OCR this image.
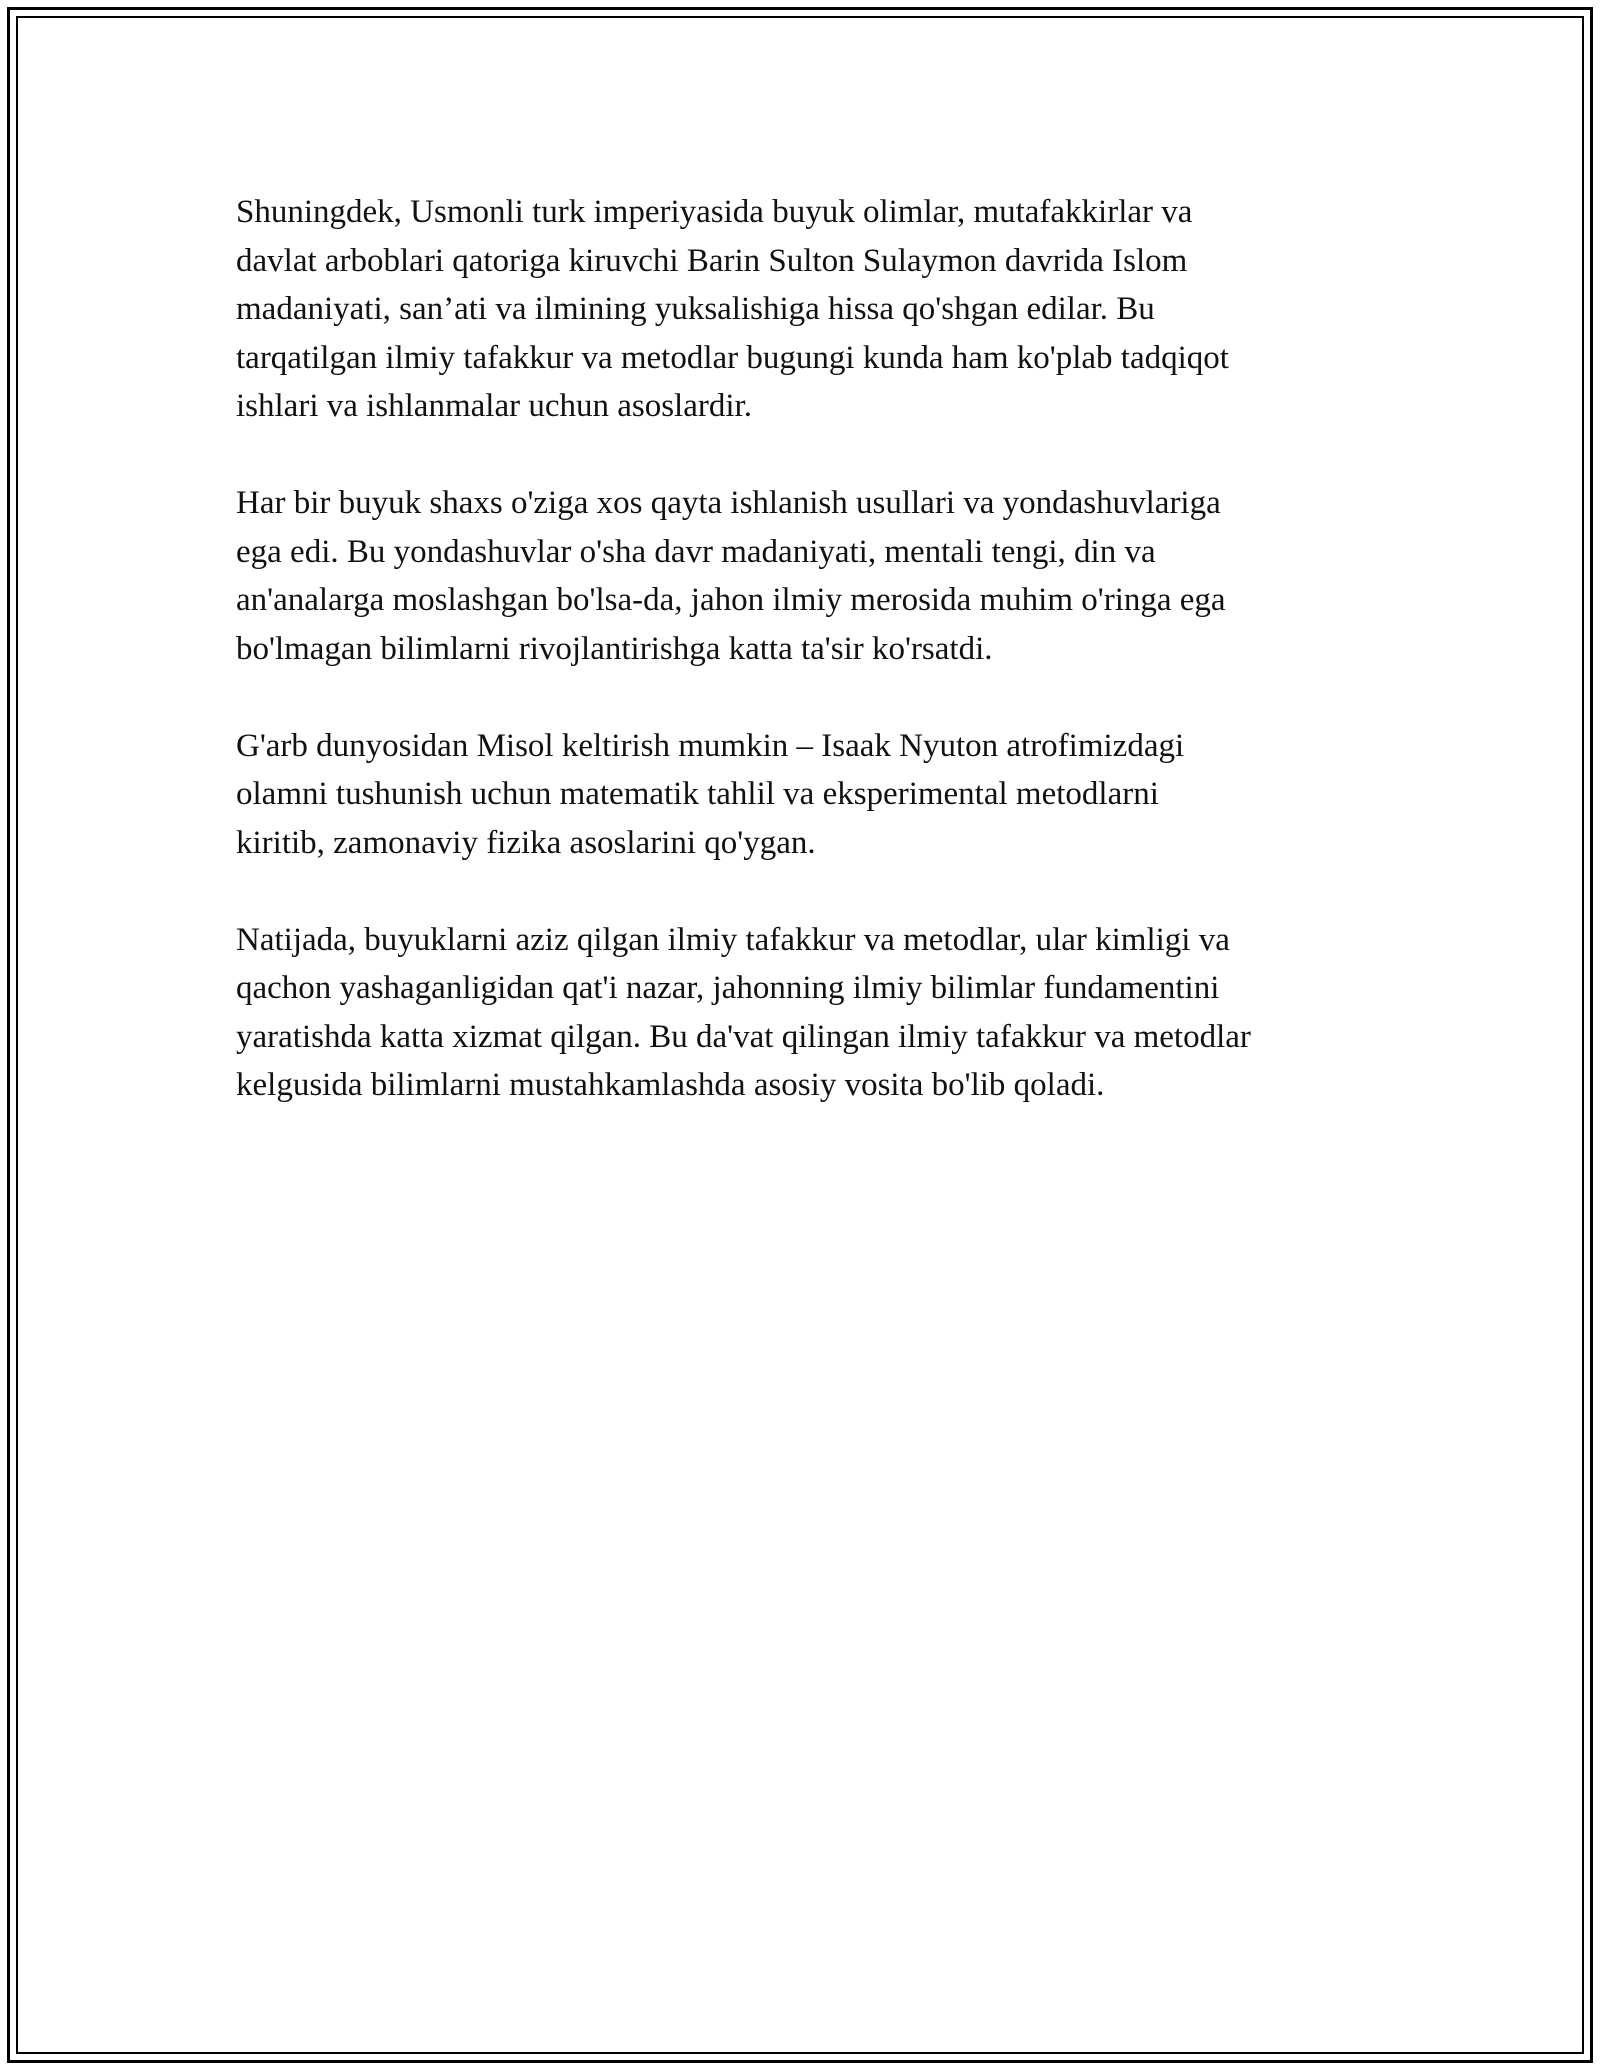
Shuningdek, Usmonli turk imperiyasida buyuk olimlar, mutafakkirlar va
davlat arboblari qatoriga kiruvchi Barin Sulton Sulaymon davrida Islom
madaniyati, san’ati va ilmining yuksalishiga hissa qo'shgan edilar. Bu
tarqatilgan ilmiy tafakkur va metodlar bugungi kunda ham ko'plab tadqiqot
ishlari va ishlanmalar uchun asoslardir.

Har bir buyuk shaxs o'ziga xos qayta ishlanish usullari va yondashuvlariga
ega edi. Bu yondashuvlar o'sha davr madaniyati, mentali tengi, din va
an'analarga moslashgan bo'lsa-da, jahon ilmiy merosida muhim o'ringa ega
bo'lmagan bilimlarni rivojlantirishga katta ta'sir ko'rsatdi.

G'arb dunyosidan Misol keltirish mumkin – Isaak Nyuton atrofimizdagi
olamni tushunish uchun matematik tahlil va eksperimental metodlarni
kiritib, zamonaviy fizika asoslarini qo'ygan.

Natijada, buyuklarni aziz qilgan ilmiy tafakkur va metodlar, ular kimligi va
qachon yashaganligidan qat'i nazar, jahonning ilmiy bilimlar fundamentini
yaratishda katta xizmat qilgan. Bu da'vat qilingan ilmiy tafakkur va metodlar
kelgusida bilimlarni mustahkamlashda asosiy vosita bo'lib qoladi.
